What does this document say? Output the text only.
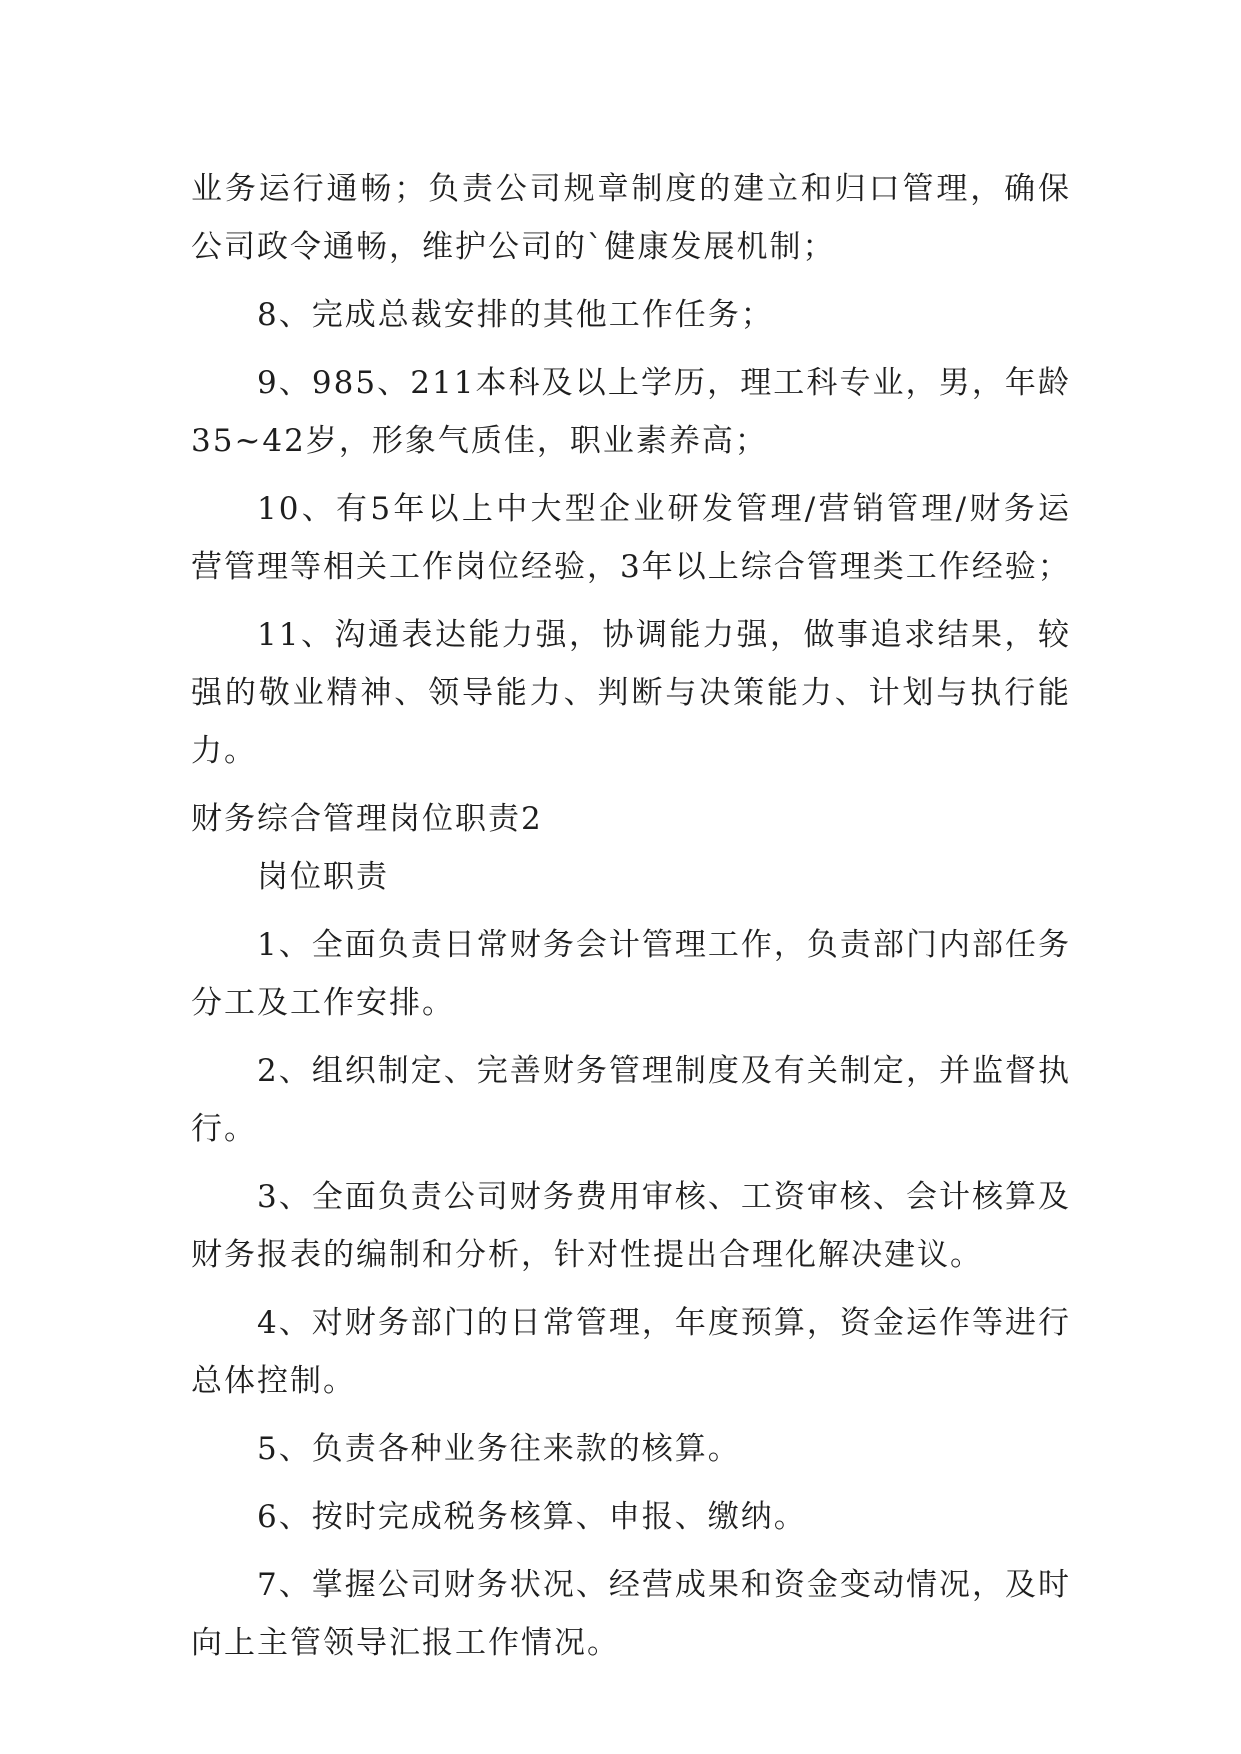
业务运行通畅；负责公司规章制度的建立和归口管理，确保公司政令通畅，维护公司的`健康发展机制；

8、完成总裁安排的其他工作任务；

9、985、211本科及以上学历，理工科专业，男，年龄35~42岁，形象气质佳，职业素养高；

10、有5年以上中大型企业研发管理/营销管理/财务运营管理等相关工作岗位经验，3年以上综合管理类工作经验；

11、沟通表达能力强，协调能力强，做事追求结果，较强的敬业精神、领导能力、判断与决策能力、计划与执行能力。

财务综合管理岗位职责2

岗位职责

1、全面负责日常财务会计管理工作，负责部门内部任务分工及工作安排。

2、组织制定、完善财务管理制度及有关制定，并监督执行。

3、全面负责公司财务费用审核、工资审核、会计核算及财务报表的编制和分析，针对性提出合理化解决建议。

4、对财务部门的日常管理，年度预算，资金运作等进行总体控制。

5、负责各种业务往来款的核算。

6、按时完成税务核算、申报、缴纳。

7、掌握公司财务状况、经营成果和资金变动情况，及时向上主管领导汇报工作情况。
